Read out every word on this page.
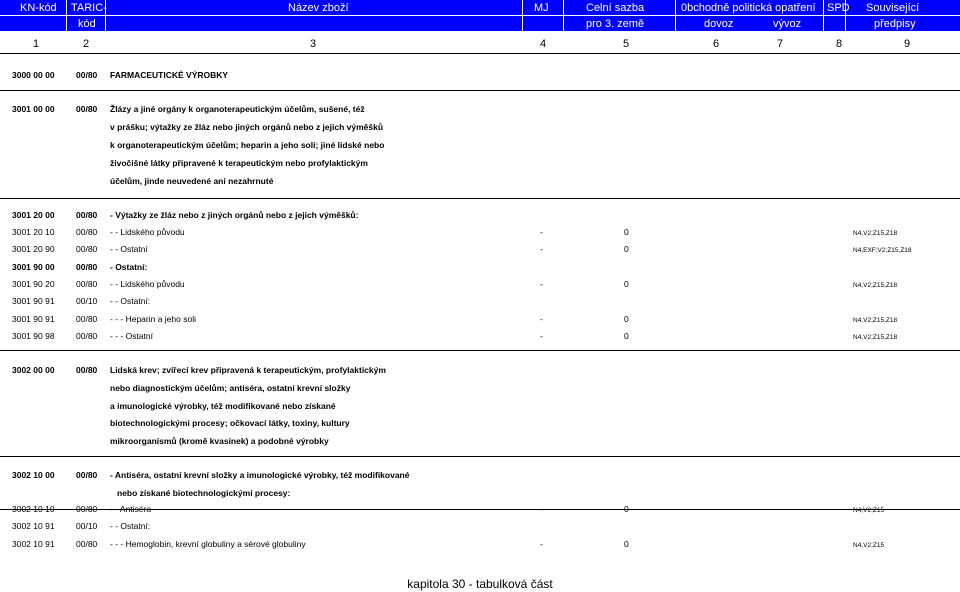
KN-kód TARIC-	Název zboží	MJ	Celní sazba	0bchodně politická opatření SPD Související
kód	pro 3. země	dovoz	vývoz	předpisy
1	2	3	4	5	6	7	8	9
3000 00 00	00/80 FARMACEUTICKÉ VÝROBKY
3001 00 00	00/80 Žlázy a jiné orgány k organoterapeutickým účelům, sušené, též
v prášku; výtažky ze žláz nebo jiných orgánů nebo z jejich výměšků
k organoterapeutickým účelům; heparin a jeho soli; jiné lidské nebo
živočišné látky připravené k terapeutickým nebo profylaktickým
účelům, jinde neuvedené ani nezahrnuté
3001 20 00	00/80 - Výtažky ze žláz nebo z jiných orgánů nebo z jejich výměšků:
3001 20 10	00/80 - - Lidského původu	-	0	N4,V2;Z15,Z18
3001 20 90	00/80 - - Ostatní	-	0	N4,EXF;V2;Z15,Z18
3001 90 00	00/80 - Ostatní:
3001 90 20	00/80 - - Lidského původu	-	0	N4,V2;Z15,Z18
3001 90 91	00/10 - - Ostatní:
3001 90 91	00/80 - - - Heparin a jeho soli	-	0	N4,V2;Z15,Z18
3001 90 98	00/80 - - - Ostatní	-	0	N4,V2;Z15,Z18
3002 00 00	00/80 Lidská krev; zvířecí krev připravená k terapeutickým, profylaktickým
nebo diagnostickým účelům; antiséra, ostatní krevní složky
a imunologické výrobky, též modifikované nebo získané
biotechnologickými procesy; očkovací látky, toxiny, kultury
mikroorganismů (kromě kvasinek) a podobné výrobky
3002 10 00	00/80 - Antiséra, ostatní krevní složky a imunologické výrobky, též modifikované
nebo získané biotechnologickými procesy:
3002 10 10	00/80 - - Antiséra	-	0	N4,V2;Z15
3002 10 91	00/10 - - Ostatní:
3002 10 91	00/80 - - - Hemoglobin, krevní globuliny a sérové globuliny	-	0	N4,V2;Z15
kapitola 30 - tabulková část
